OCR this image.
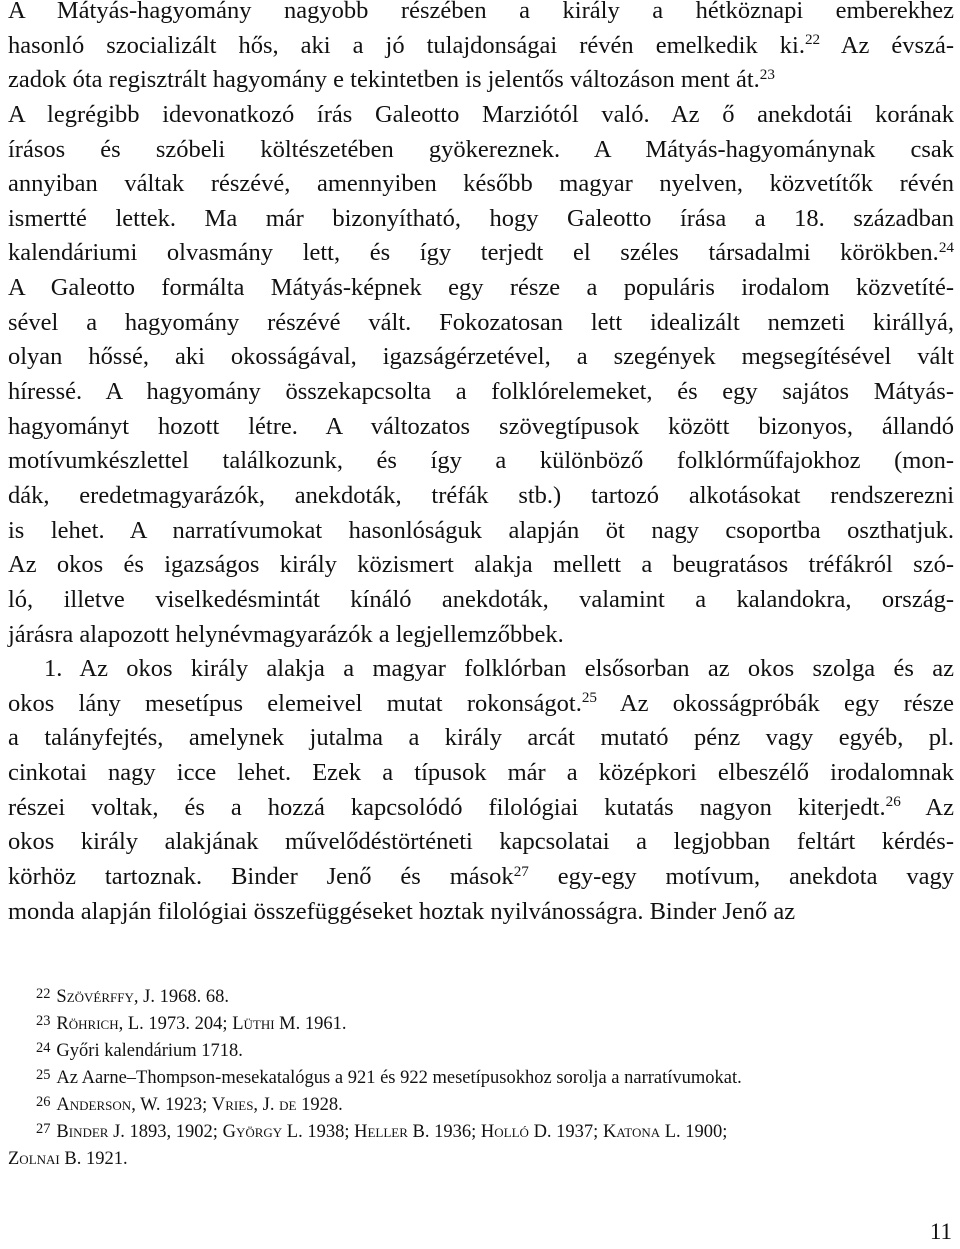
A Mátyás-hagyomány nagyobb részében a király a hétköznapi emberekhez
hasonló szocializált hős, aki a jó tulajdonságai révén emelkedik ki.$^{22}$ Az évszá-
zadok óta regisztrált hagyomány e tekintetben is jelentős változáson ment át.$^{23}$
A legrégibb idevonatkozó írás Galeotto Marziótól való. Az ő anekdotái korának
írásos és szóbeli költészetében gyökereznek. A Mátyás-hagyománynak csak
annyiban váltak részévé, amennyiben később magyar nyelven, közvetítők révén
ismertté lettek. Ma már bizonyítható, hogy Galeotto írása a 18. században
kalendáriumi olvasmány lett, és így terjedt el széles társadalmi körökben.$^{24}$
A Galeotto formálta Mátyás-képnek egy része a populáris irodalom közvetíté-
sével a hagyomány részévé vált. Fokozatosan lett idealizált nemzeti királlyá,
olyan hőssé, aki okosságával, igazságérzetével, a szegények megsegítésével vált
híressé. A hagyomány összekapcsolta a folklórelemeket, és egy sajátos Mátyás-
hagyományt hozott létre. A változatos szövegtípusok között bizonyos, állandó
motívumkészlettel találkozunk, és így a különböző folklórműfajokhoz (mon-
dák, eredetmagyarázók, anekdoták, tréfák stb.) tartozó alkotásokat rendszerezni
is lehet. A narratívumokat hasonlóságuk alapján öt nagy csoportba oszthatjuk.
Az okos és igazságos király közismert alakja mellett a beugratásos tréfákról szó-
ló, illetve viselkedésmintát kínáló anekdoták, valamint a kalandokra, ország-
járásra alapozott helynévmagyarázók a legjellemzőbbek.
1. Az okos király alakja a magyar folklórban elsősorban az okos szolga és az
okos lány mesetípus elemeivel mutat rokonságot.$^{25}$ Az okosságpróbák egy része
a talányfejtés, amelynek jutalma a király arcát mutató pénz vagy egyéb, pl.
cinkotai nagy icce lehet. Ezek a típusok már a középkori elbeszélő irodalomnak
részei voltak, és a hozzá kapcsolódó filológiai kutatás nagyon kiterjedt.$^{26}$ Az
okos király alakjának művelődéstörténeti kapcsolatai a legjobban feltárt kérdés-
körhöz tartoznak. Binder Jenő és mások$^{27}$ egy-egy motívum, anekdota vagy
monda alapján filológiai összefüggéseket hoztak nyilvánosságra. Binder Jenő az
$^{22}$ Szövérffy, J. 1968. 68.
$^{23}$ Röhrich, L. 1973. 204; Lüthi M. 1961.
$^{24}$ Győri kalendárium 1718.
$^{25}$ Az Aarne–Thompson-mesekatalógus a 921 és 922 mesetípusokhoz sorolja a narratívumokat.
$^{26}$ Anderson, W. 1923; Vries, J. de 1928.
$^{27}$ Binder J. 1893, 1902; György L. 1938; Heller B. 1936; Holló D. 1937; Katona L. 1900;
Zolnai B. 1921.
11
